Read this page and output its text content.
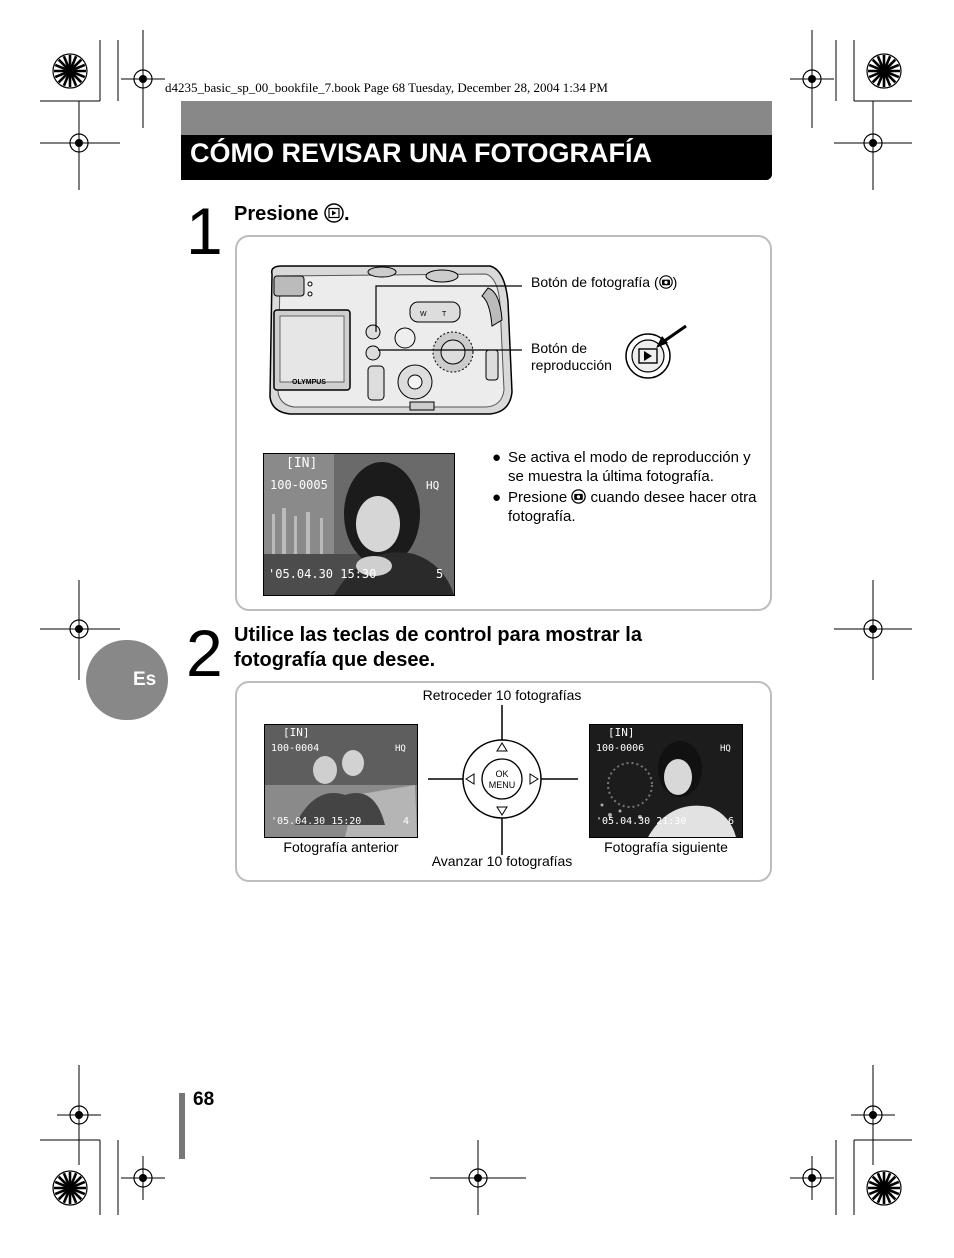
d4235_basic_sp_00_bookfile_7.book Page 68 Tuesday, December 28, 2004 1:34 PM
CÓMO REVISAR UNA FOTOGRAFÍA
1 Presione .
OLYMPUS
W T
Botón de fotografía ( )
Botón de
reproducción
[IN]
100-0005	HQ
'05.04.30 15:30	5
● Se activa el modo de reproducción y se muestra la última fotografía.
● Presione cuando desee hacer otra fotografía.
Es 2 Utilice las teclas de control para mostrar la fotografía que desee.
Retroceder 10 fotografías
Avanzar 10 fotografías
Fotografía anterior	Fotografía siguiente
OK
MENU
[IN]
100-0004	HQ
'05.04.30 15:20	4
[IN]
100-0006	HQ
'05.04.30 21:30	6
68
